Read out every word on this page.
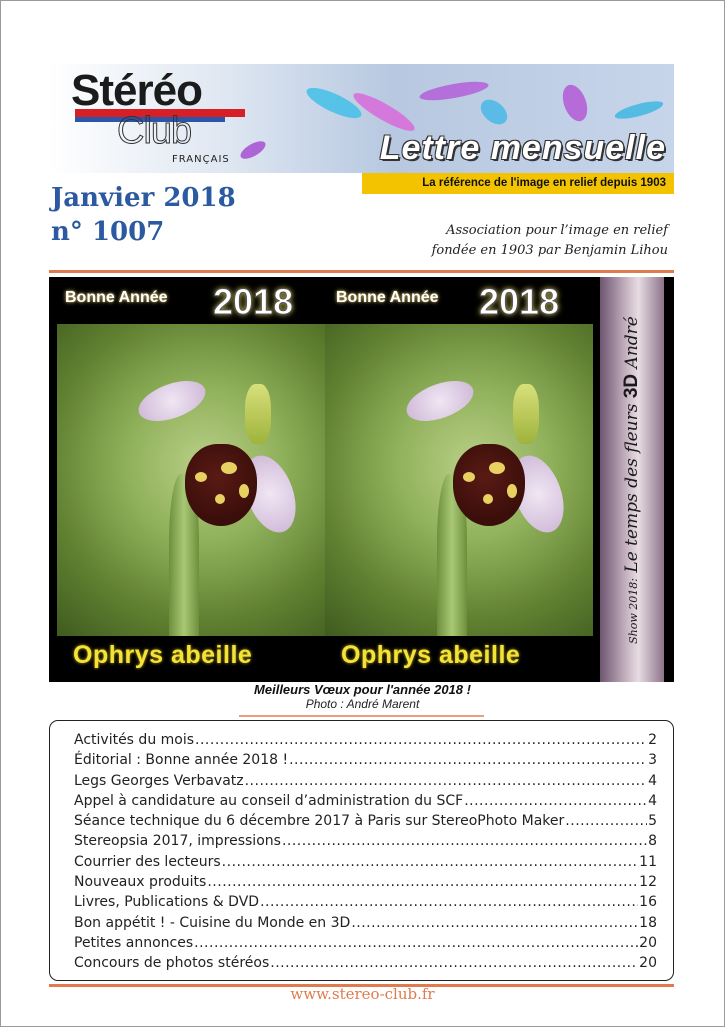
Stéréo
Club
FRANÇAIS	Lettre mensuelle
La référence de l'image en relief depuis 1903
Janvier 2018
n° 1007	Association pour l’image en relief
fondée en 1903 par Benjamin Lihou
Bonne Année 2018	Bonne Année 2018
Ophrys abeille	Ophrys abeille
Show 2018: Le temps des fleurs 3D André
Meilleurs Vœux pour l'année 2018 !
Photo : André Marent
Activités du mois .....	2
Éditorial : Bonne année 2018 ! .....	3
Legs Georges Verbavatz .....	4
Appel à candidature au conseil d’administration du SCF .....	4
Séance technique du 6 décembre 2017 à Paris sur StereoPhoto Maker .....	5
Stereopsia 2017, impressions .....	8
Courrier des lecteurs .....	11
Nouveaux produits .....	12
Livres, Publications & DVD .....	16
Bon appétit ! - Cuisine du Monde en 3D .....	18
Petites annonces .....	20
Concours de photos stéréos .....	20
www.stereo-club.fr
